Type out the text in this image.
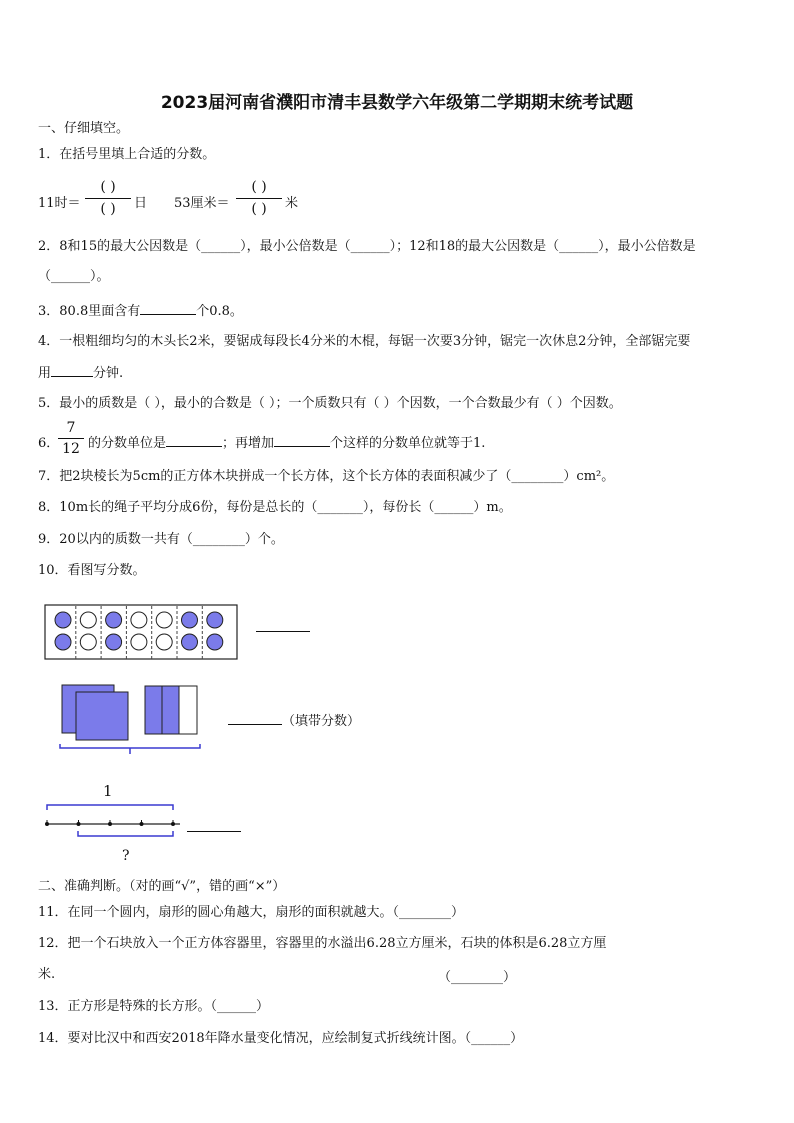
2023届河南省濮阳市清丰县数学六年级第二学期期末统考试题
一、仔细填空。
1．在括号里填上合适的分数。
11时＝
( )
( )	日 53厘米＝
( )
( )	米
2．8和15的最大公因数是（______），最小公倍数是（______）；12和18的最大公因数是（______），最小公倍数是
（______）。
3．80.8里面含有	个0.8。
4．一根粗细均匀的木头长2米，要锯成每段长4分米的木棍，每锯一次要3分钟，锯完一次休息2分钟，全部锯完要
用	分钟.
5．最小的质数是（ ），最小的合数是（ ）；一个质数只有（ ）个因数，一个合数最少有（ ）个因数。
6．
7
12 的分数单位是	；再增加	个这样的分数单位就等于1.
7．把2块棱长为5cm的正方体木块拼成一个长方体，这个长方体的表面积减少了（________）cm²。
8．10m长的绳子平均分成6份，每份是总长的（_______），每份长（______）m。
9．20以内的质数一共有（________）个。
10．看图写分数。
（填带分数）
1
?
二、准确判断。（对的画“√”，错的画“×”）
11．在同一个圆内，扇形的圆心角越大，扇形的面积就越大。（________）
12．把一个石块放入一个正方体容器里，容器里的水溢出6.28立方厘米，石块的体积是6.28立方厘
米.	（________）
13．正方形是特殊的长方形。（______）
14．要对比汉中和西安2018年降水量变化情况，应绘制复式折线统计图。（______）
